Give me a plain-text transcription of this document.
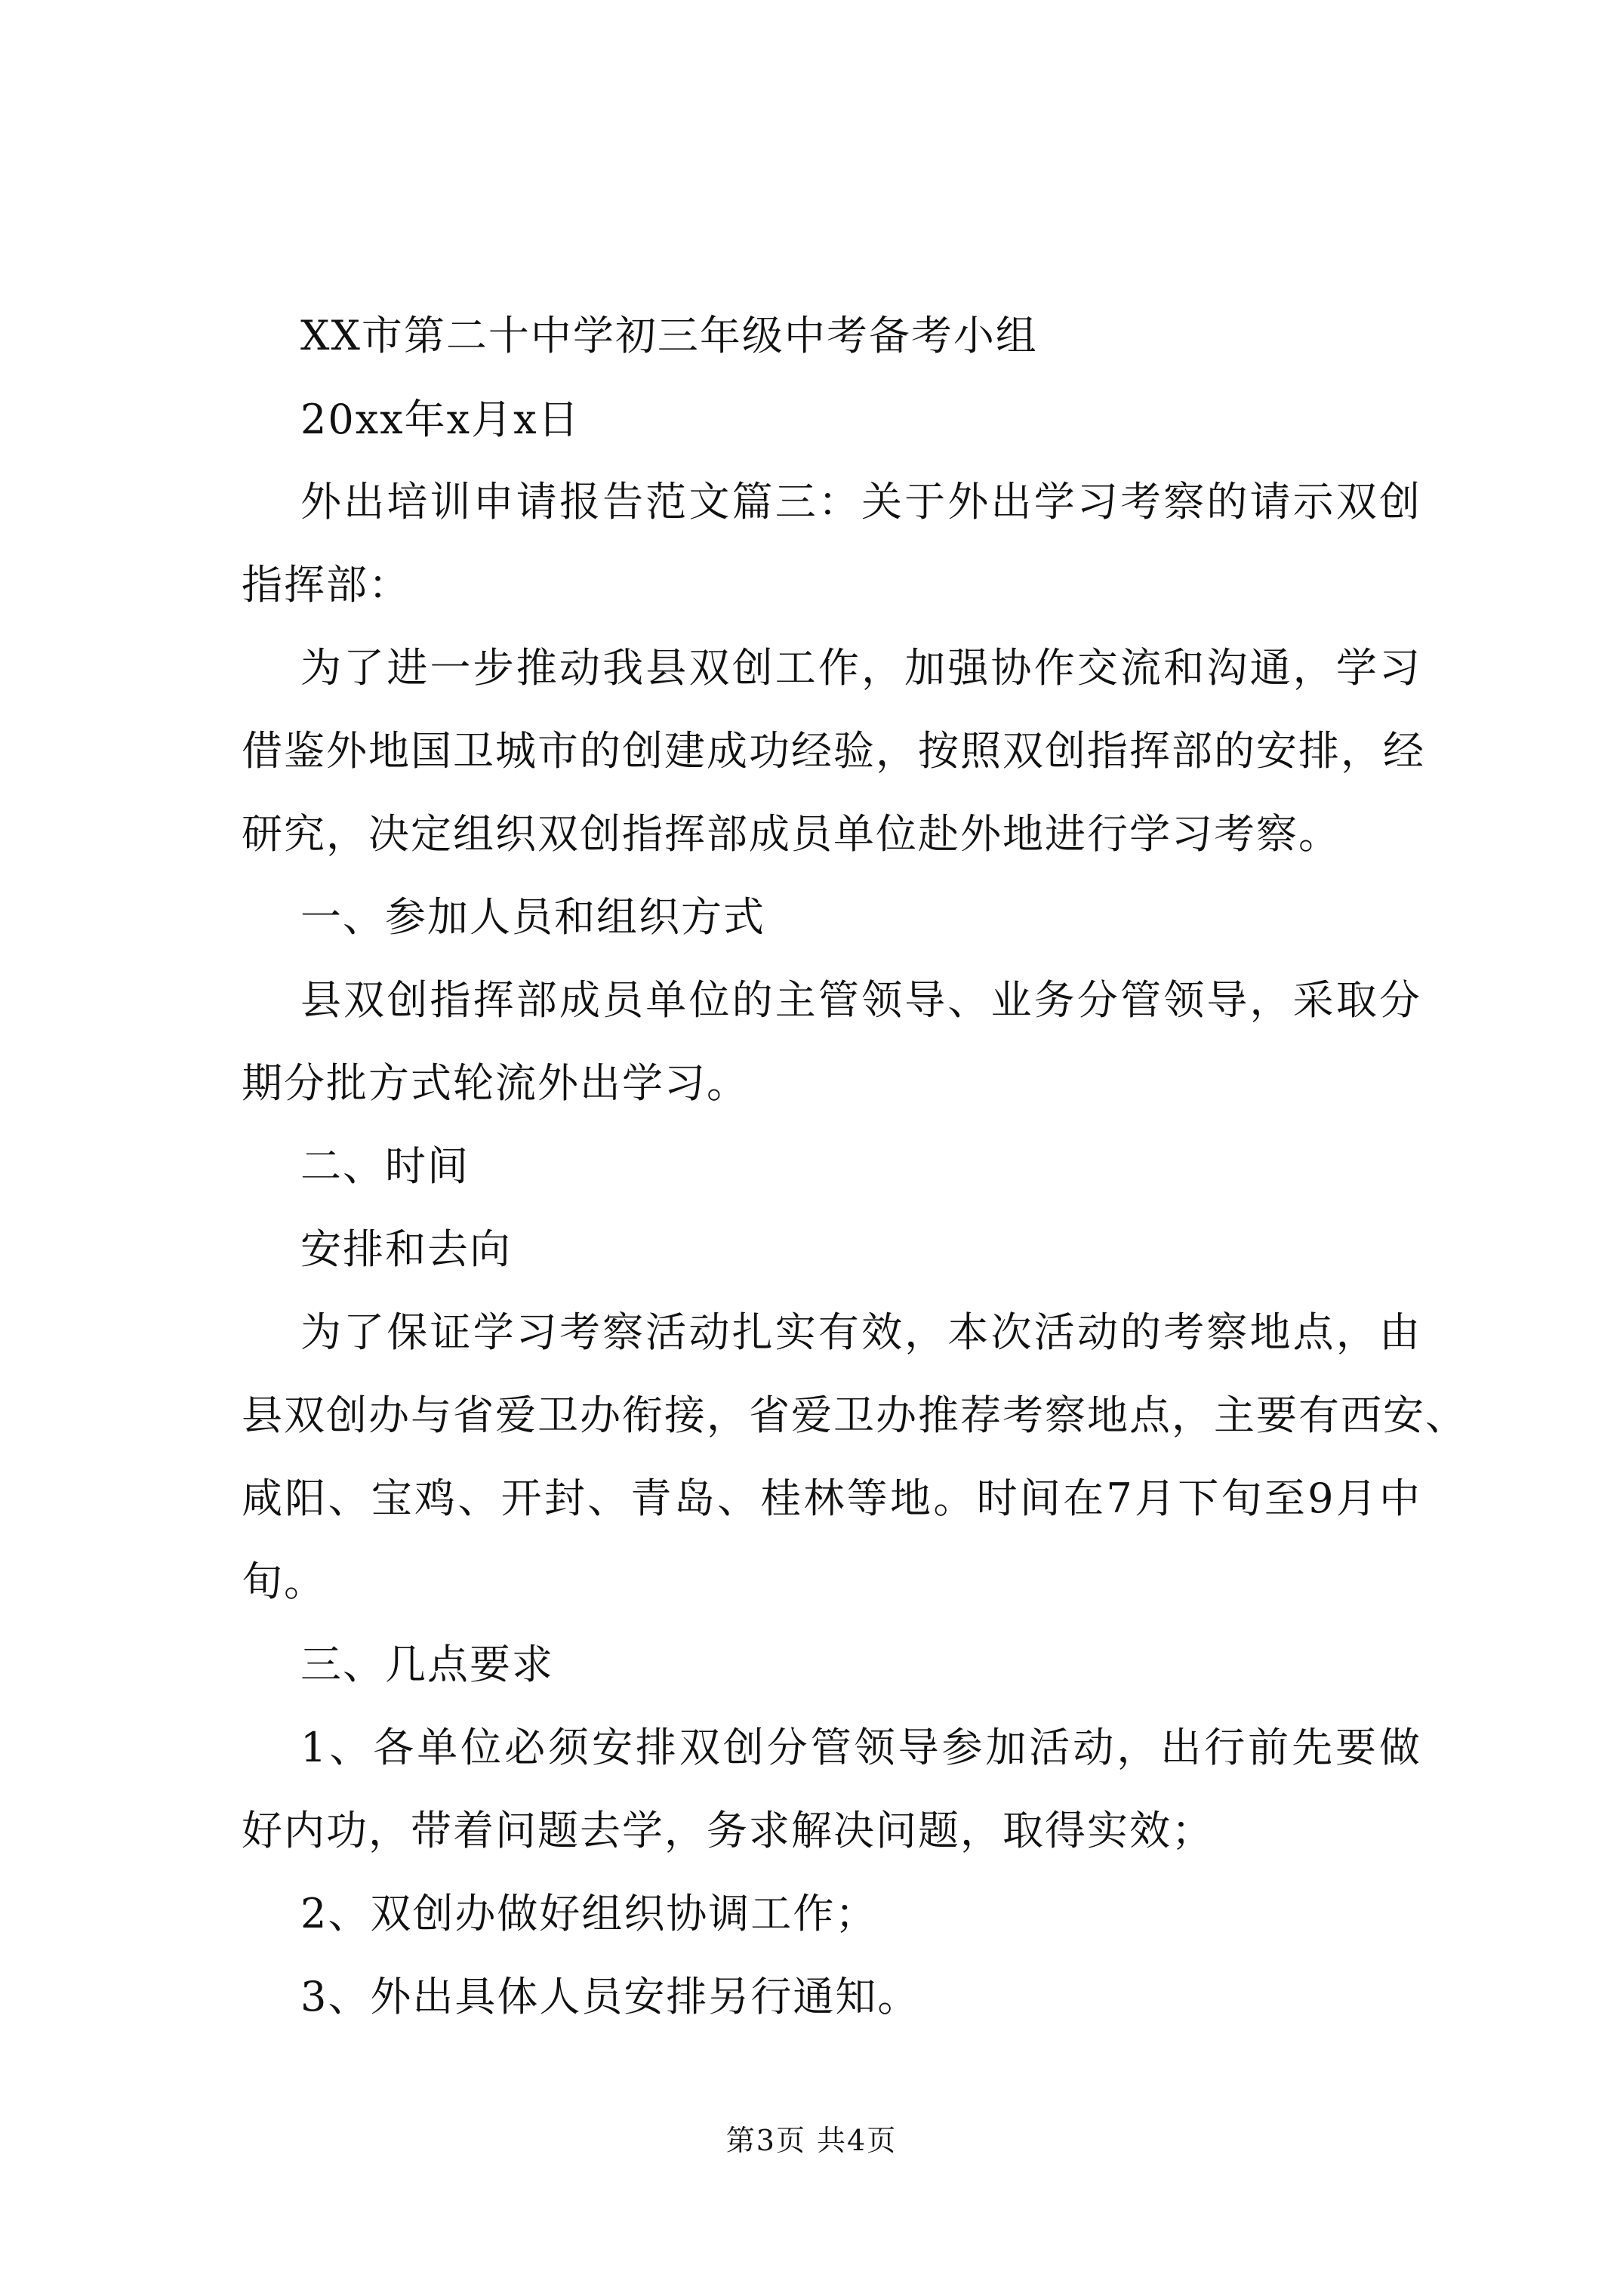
XX市第二十中学初三年级中考备考小组
20xx年x月x日
外出培训申请报告范文篇三：关于外出学习考察的请示双创
指挥部：
为了进一步推动我县双创工作，加强协作交流和沟通，学习
借鉴外地国卫城市的创建成功经验，按照双创指挥部的安排，经
研究，决定组织双创指挥部成员单位赴外地进行学习考察。
一、参加人员和组织方式
县双创指挥部成员单位的主管领导、业务分管领导，采取分
期分批方式轮流外出学习。
二、时间
安排和去向
为了保证学习考察活动扎实有效，本次活动的考察地点，由
县双创办与省爱卫办衔接，省爱卫办推荐考察地点，主要有西安、
咸阳、宝鸡、开封、青岛、桂林等地。时间在7月下旬至9月中
旬。
三、几点要求
1、各单位必须安排双创分管领导参加活动，出行前先要做
好内功，带着问题去学，务求解决问题，取得实效；
2、双创办做好组织协调工作；
3、外出具体人员安排另行通知。
第3页 共4页
